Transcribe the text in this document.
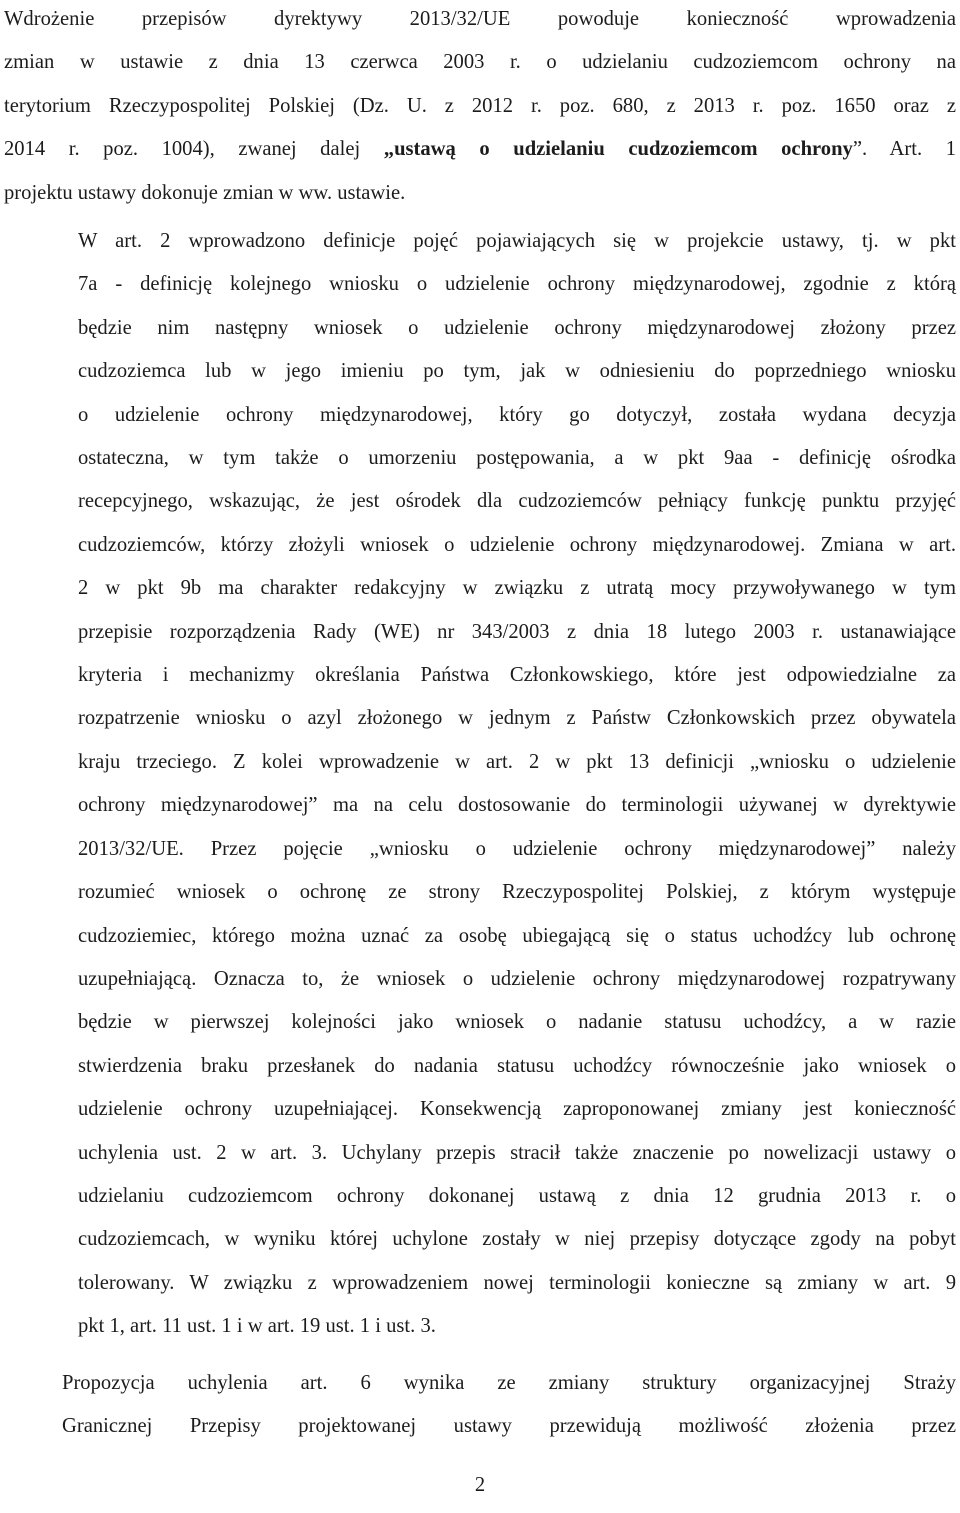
Wdrożenie przepisów dyrektywy 2013/32/UE powoduje konieczność wprowadzenia
zmian w ustawie z dnia 13 czerwca 2003 r. o udzielaniu cudzoziemcom ochrony na
terytorium Rzeczypospolitej Polskiej (Dz. U. z 2012 r. poz. 680, z 2013 r. poz. 1650 oraz z
2014 r. poz. 1004), zwanej dalej „ustawą o udzielaniu cudzoziemcom ochrony”. Art. 1
projektu ustawy dokonuje zmian w ww. ustawie.
W art. 2 wprowadzono definicje pojęć pojawiających się w projekcie ustawy, tj. w pkt
7a - definicję kolejnego wniosku o udzielenie ochrony międzynarodowej, zgodnie z którą
będzie nim następny wniosek o udzielenie ochrony międzynarodowej złożony przez
cudzoziemca lub w jego imieniu po tym, jak w odniesieniu do poprzedniego wniosku
o udzielenie ochrony międzynarodowej, który go dotyczył, została wydana decyzja
ostateczna, w tym także o umorzeniu postępowania, a w pkt 9aa - definicję ośrodka
recepcyjnego, wskazując, że jest ośrodek dla cudzoziemców pełniący funkcję punktu przyjęć
cudzoziemców, którzy złożyli wniosek o udzielenie ochrony międzynarodowej. Zmiana w art.
2 w pkt 9b ma charakter redakcyjny w związku z utratą mocy przywoływanego w tym
przepisie rozporządzenia Rady (WE) nr 343/2003 z dnia 18 lutego 2003 r. ustanawiające
kryteria i mechanizmy określania Państwa Członkowskiego, które jest odpowiedzialne za
rozpatrzenie wniosku o azyl złożonego w jednym z Państw Członkowskich przez obywatela
kraju trzeciego. Z kolei wprowadzenie w art. 2 w pkt 13 definicji „wniosku o udzielenie
ochrony międzynarodowej” ma na celu dostosowanie do terminologii używanej w dyrektywie
2013/32/UE. Przez pojęcie „wniosku o udzielenie ochrony międzynarodowej” należy
rozumieć wniosek o ochronę ze strony Rzeczypospolitej Polskiej, z którym występuje
cudzoziemiec, którego można uznać za osobę ubiegającą się o status uchodźcy lub ochronę
uzupełniającą. Oznacza to, że wniosek o udzielenie ochrony międzynarodowej rozpatrywany
będzie w pierwszej kolejności jako wniosek o nadanie statusu uchodźcy, a w razie
stwierdzenia braku przesłanek do nadania statusu uchodźcy równocześnie jako wniosek o
udzielenie ochrony uzupełniającej. Konsekwencją zaproponowanej zmiany jest konieczność
uchylenia ust. 2 w art. 3. Uchylany przepis stracił także znaczenie po nowelizacji ustawy o
udzielaniu cudzoziemcom ochrony dokonanej ustawą z dnia 12 grudnia 2013 r. o
cudzoziemcach, w wyniku której uchylone zostały w niej przepisy dotyczące zgody na pobyt
tolerowany. W związku z wprowadzeniem nowej terminologii konieczne są zmiany w art. 9
pkt 1, art. 11 ust. 1 i w art. 19 ust. 1 i ust. 3.
Propozycja uchylenia art. 6 wynika ze zmiany struktury organizacyjnej Straży
Granicznej Przepisy projektowanej ustawy przewidują możliwość złożenia przez
2
